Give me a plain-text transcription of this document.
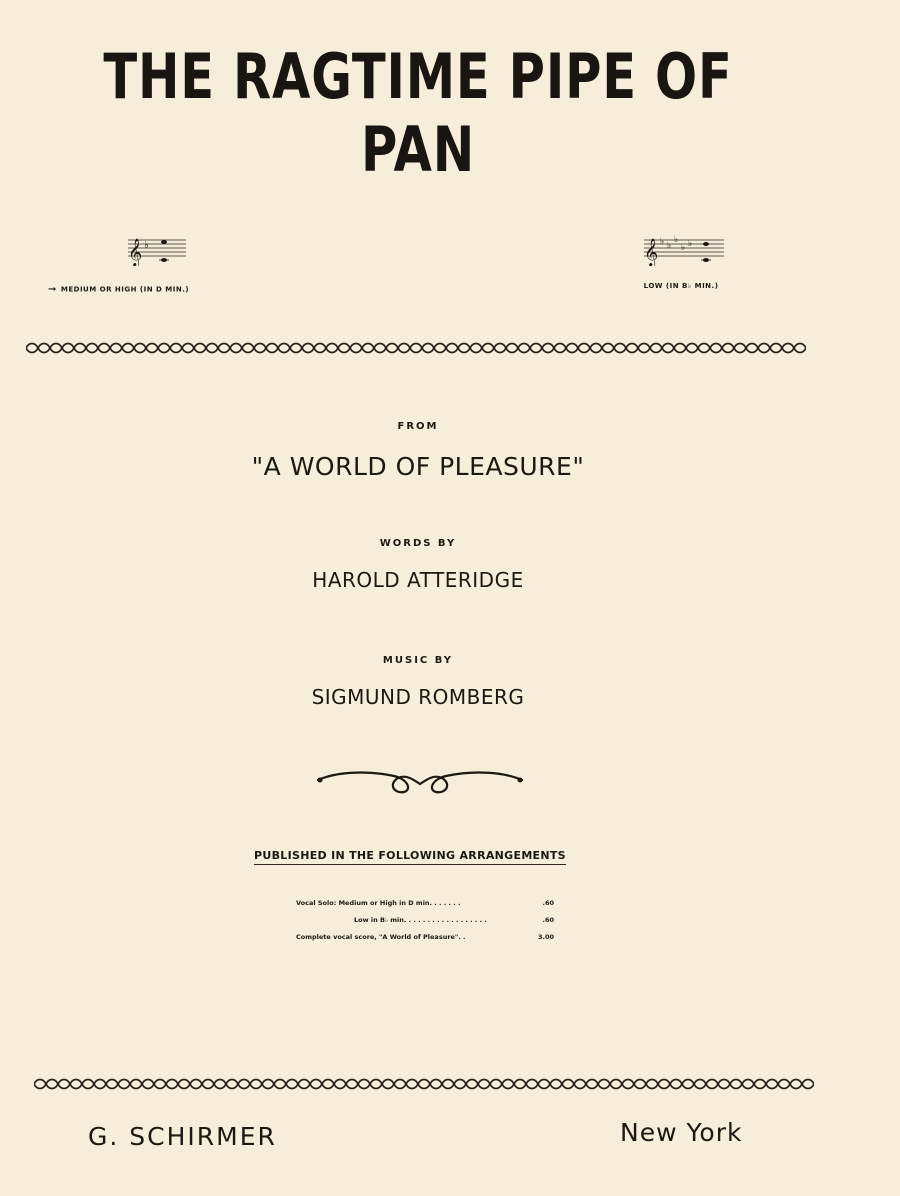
THE RAGTIME PIPE OF PAN
𝄞 ♭
➞ MEDIUM OR HIGH (IN D MIN.)
𝄞 ♭ ♭
♭
♭ ♭
LOW (IN B♭ MIN.)
FROM
"A WORLD OF PLEASURE"
WORDS BY
HAROLD ATTERIDGE
MUSIC BY
SIGMUND ROMBERG
PUBLISHED IN THE FOLLOWING ARRANGEMENTS
Vocal Solo: Medium or High in D min. . . . . . .	.60
Low in B♭ min. . . . . . . . . . . . . . . . . .	.60
Complete vocal score, "A World of Pleasure". .	3.00
G. SCHIRMER	New York
